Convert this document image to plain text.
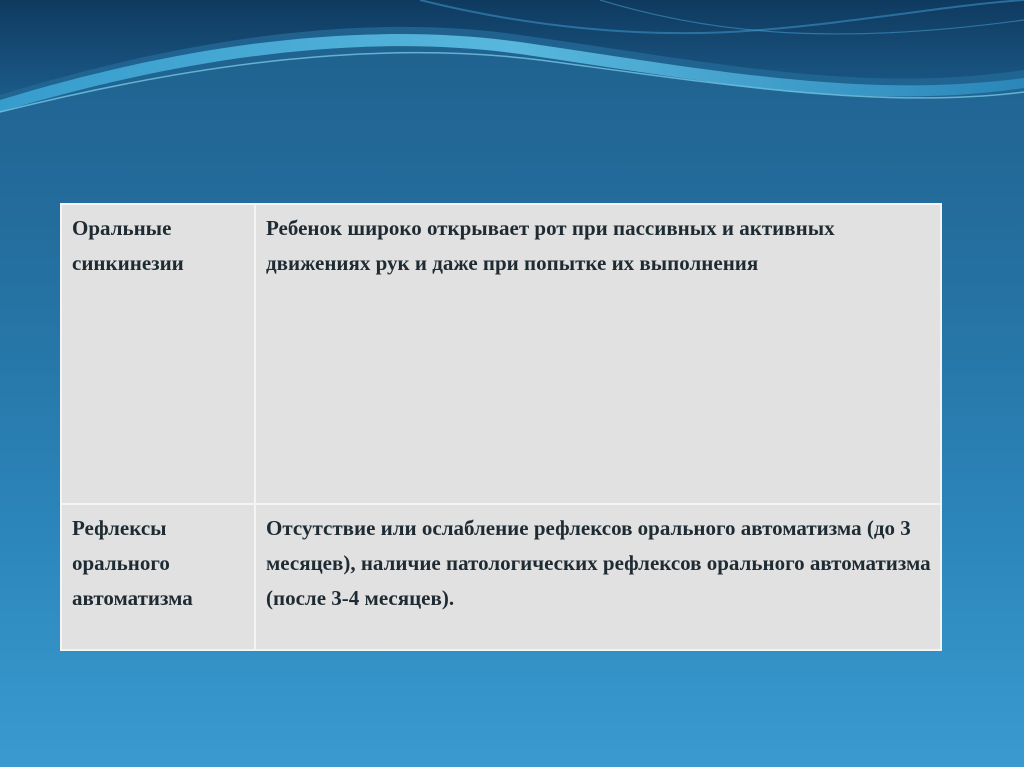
Оральные синкинезии	Ребенок широко открывает рот при пассивных и активных движениях рук и даже при попытке их выполнения

Рефлексы орального автоматизма	Отсутствие или ослабление рефлексов орального автоматизма (до 3 месяцев), наличие патологических рефлексов орального автоматизма (после 3-4 месяцев).
